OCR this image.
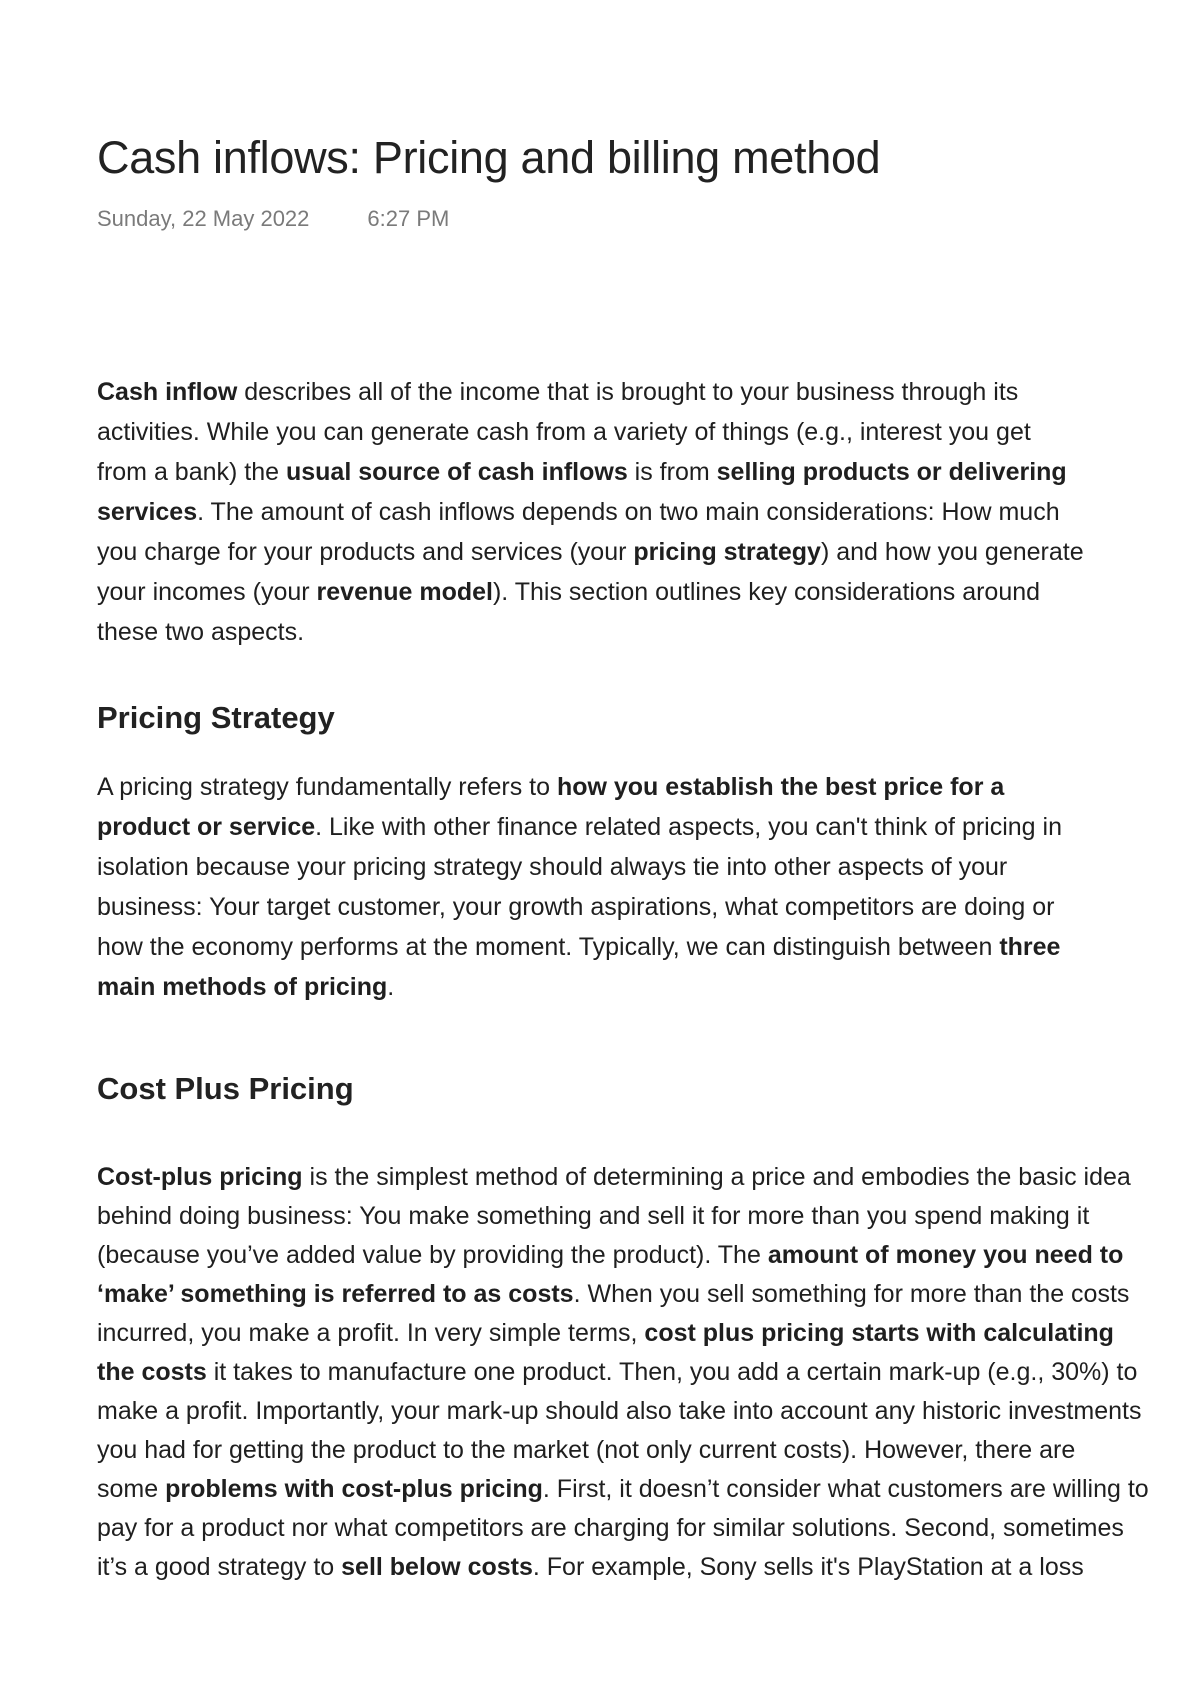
Cash inflows: Pricing and billing method
Sunday, 22 May 2022	6:27 PM
Cash inflow describes all of the income that is brought to your business through its
activities. While you can generate cash from a variety of things (e.g., interest you get
from a bank) the usual source of cash inflows is from selling products or delivering
services. The amount of cash inflows depends on two main considerations: How much
you charge for your products and services (your pricing strategy) and how you generate
your incomes (your revenue model). This section outlines key considerations around
these two aspects.
Pricing Strategy
A pricing strategy fundamentally refers to how you establish the best price for a
product or service. Like with other finance related aspects, you can't think of pricing in
isolation because your pricing strategy should always tie into other aspects of your
business: Your target customer, your growth aspirations, what competitors are doing or
how the economy performs at the moment. Typically, we can distinguish between three
main methods of pricing.
Cost Plus Pricing
Cost-plus pricing is the simplest method of determining a price and embodies the basic idea
behind doing business: You make something and sell it for more than you spend making it
(because you’ve added value by providing the product). The amount of money you need to
‘make’ something is referred to as costs. When you sell something for more than the costs
incurred, you make a profit. In very simple terms, cost plus pricing starts with calculating
the costs it takes to manufacture one product. Then, you add a certain mark-up (e.g., 30%) to
make a profit. Importantly, your mark-up should also take into account any historic investments
you had for getting the product to the market (not only current costs). However, there are
some problems with cost-plus pricing. First, it doesn’t consider what customers are willing to
pay for a product nor what competitors are charging for similar solutions. Second, sometimes
it’s a good strategy to sell below costs. For example, Sony sells it's PlayStation at a loss
